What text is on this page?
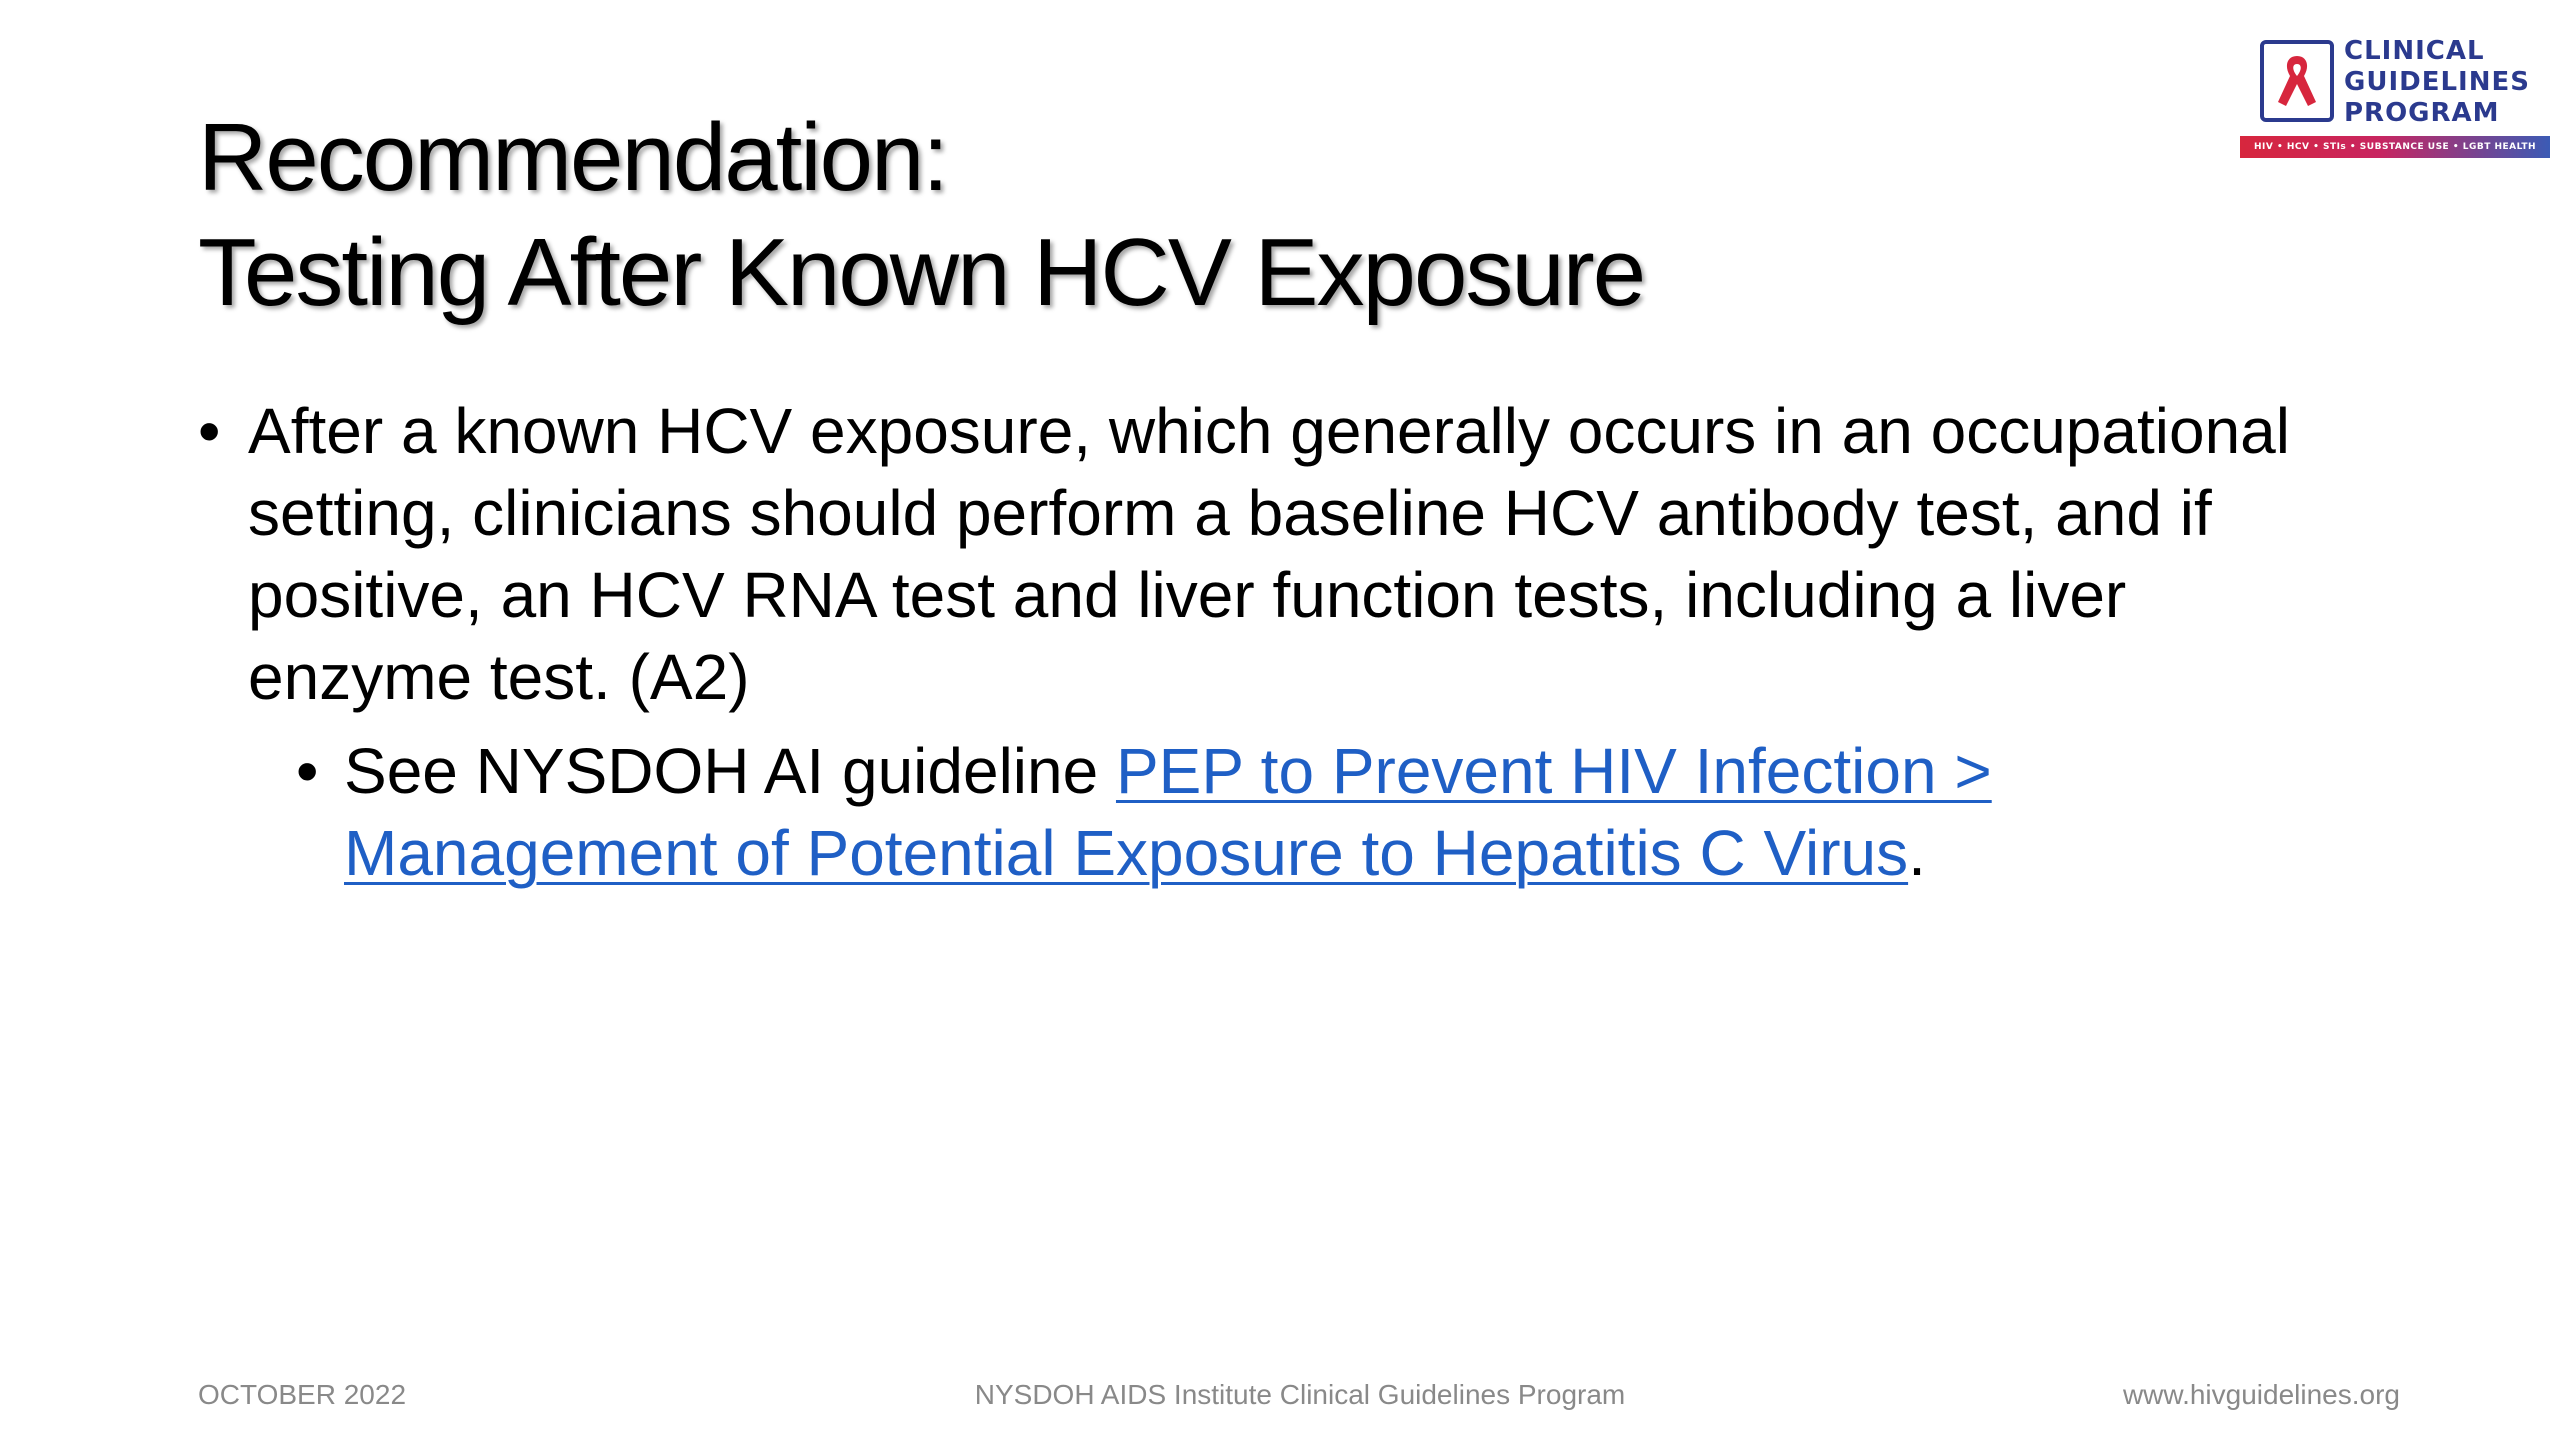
Recommendation:
Testing After Known HCV Exposure
CLINICAL
GUIDELINES
PROGRAM
HIV • HCV • STIs • SUBSTANCE USE • LGBT HEALTH
• After a known HCV exposure, which generally occurs in an occupational setting, clinicians should perform a baseline HCV antibody test, and if positive, an HCV RNA test and liver function tests, including a liver enzyme test. (A2)
• See NYSDOH AI guideline PEP to Prevent HIV Infection > Management of Potential Exposure to Hepatitis C Virus.
OCTOBER 2022	NYSDOH AIDS Institute Clinical Guidelines Program	www.hivguidelines.org
